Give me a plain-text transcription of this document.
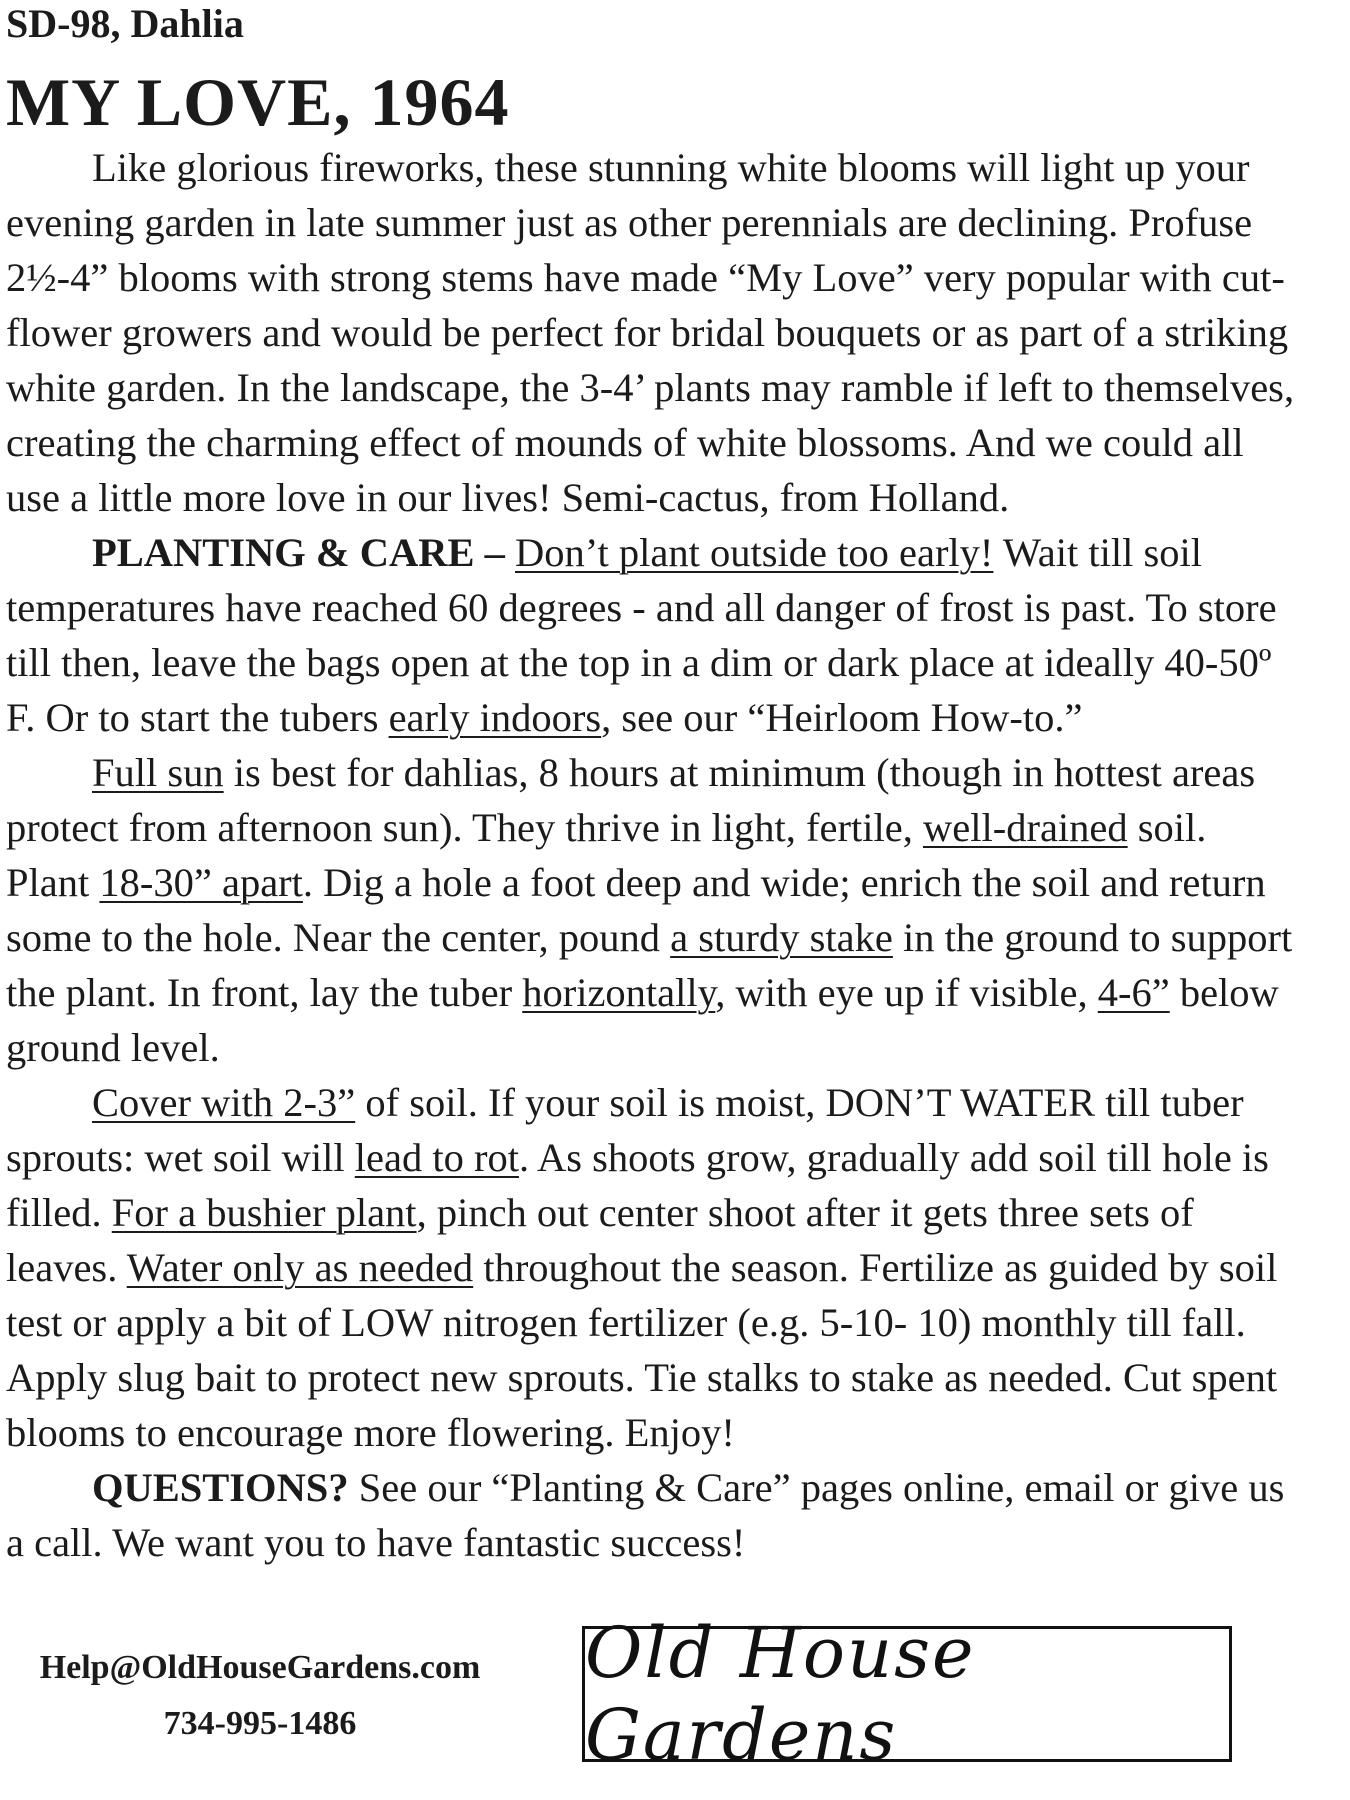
SD-98, Dahlia
MY LOVE, 1964

Like glorious fireworks, these stunning white blooms will light up your evening garden in late summer just as other perennials are declining. Profuse 2½-4” blooms with strong stems have made “My Love” very popular with cut-flower growers and would be perfect for bridal bouquets or as part of a striking white garden. In the landscape, the 3-4’ plants may ramble if left to themselves, creating the charming effect of mounds of white blossoms. And we could all use a little more love in our lives! Semi-cactus, from Holland.

PLANTING & CARE – Don’t plant outside too early! Wait till soil temperatures have reached 60 degrees - and all danger of frost is past. To store till then, leave the bags open at the top in a dim or dark place at ideally 40-50º F. Or to start the tubers early indoors, see our “Heirloom How-to.”

Full sun is best for dahlias, 8 hours at minimum (though in hottest areas protect from afternoon sun). They thrive in light, fertile, well-drained soil. Plant 18-30” apart. Dig a hole a foot deep and wide; enrich the soil and return some to the hole. Near the center, pound a sturdy stake in the ground to support the plant. In front, lay the tuber horizontally, with eye up if visible, 4-6” below ground level.

Cover with 2-3” of soil. If your soil is moist, DON’T WATER till tuber sprouts: wet soil will lead to rot. As shoots grow, gradually add soil till hole is filled. For a bushier plant, pinch out center shoot after it gets three sets of leaves. Water only as needed throughout the season. Fertilize as guided by soil test or apply a bit of LOW nitrogen fertilizer (e.g. 5-10- 10) monthly till fall. Apply slug bait to protect new sprouts. Tie stalks to stake as needed. Cut spent blooms to encourage more flowering. Enjoy!

QUESTIONS? See our “Planting & Care” pages online, email or give us a call. We want you to have fantastic success!

Help@OldHouseGardens.com
734-995-1486
Old House Gardens
